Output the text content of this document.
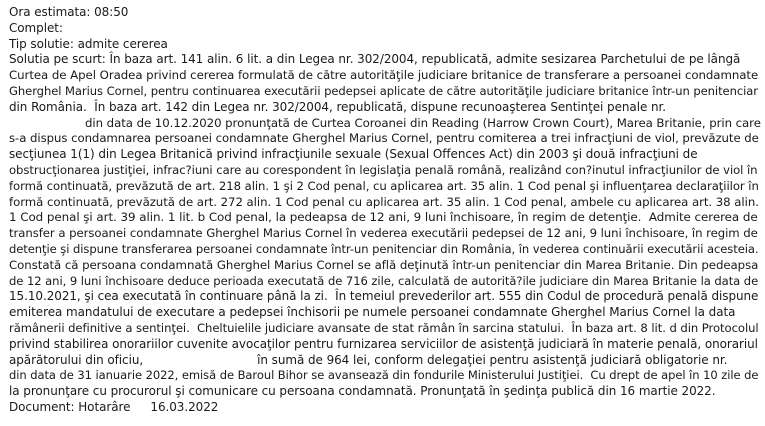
Ora estimata: 08:50
Complet:
Tip solutie: admite cererea
Solutia pe scurt: În baza art. 141 alin. 6 lit. a din Legea nr. 302/2004, republicată, admite sesizarea Parchetului de pe lângă
Curtea de Apel Oradea privind cererea formulată de către autorităţile judiciare britanice de transferare a persoanei condamnate
Gherghel Marius Cornel, pentru continuarea executării pedepsei aplicate de către autorităţile judiciare britanice într-un penitenciar
din România.  În baza art. 142 din Legea nr. 302/2004, republicată, dispune recunoaşterea Sentinţei penale nr.
din data de 10.12.2020 pronunţată de Curtea Coroanei din Reading (Harrow Crown Court), Marea Britanie, prin care
s-a dispus condamnarea persoanei condamnate Gherghel Marius Cornel, pentru comiterea a trei infracţiuni de viol, prevăzute de
secţiunea 1(1) din Legea Britanică privind infracţiunile sexuale (Sexual Offences Act) din 2003 şi două infracţiuni de
obstrucţionarea justiţiei, infrac?iuni care au corespondent în legislaţia penală română, realizând con?inutul infracţiunilor de viol în
formă continuată, prevăzută de art. 218 alin. 1 şi 2 Cod penal, cu aplicarea art. 35 alin. 1 Cod penal şi influenţarea declaraţiilor în
formă continuată, prevăzută de art. 272 alin. 1 Cod penal cu aplicarea art. 35 alin. 1 Cod penal, ambele cu aplicarea art. 38 alin.
1 Cod penal şi art. 39 alin. 1 lit. b Cod penal, la pedeapsa de 12 ani, 9 luni închisoare, în regim de detenţie.  Admite cererea de
transfer a persoanei condamnate Gherghel Marius Cornel în vederea executării pedepsei de 12 ani, 9 luni închisoare, în regim de
detenţie şi dispune transferarea persoanei condamnate într-un penitenciar din România, în vederea continuării executării acesteia.
Constată că persoana condamnată Gherghel Marius Cornel se află deţinută într-un penitenciar din Marea Britanie. Din pedeapsa
de 12 ani, 9 luni închisoare deduce perioada executată de 716 zile, calculată de autorită?ile judiciare din Marea Britanie la data de
15.10.2021, şi cea executată în continuare până la zi.  În temeiul prevederilor art. 555 din Codul de procedură penală dispune
emiterea mandatului de executare a pedepsei închisorii pe numele persoanei condamnate Gherghel Marius Cornel la data
rămânerii definitive a sentinţei.  Cheltuielile judiciare avansate de stat rămân în sarcina statului.  În baza art. 8 lit. d din Protocolul
privind stabilirea onorariilor cuvenite avocaţilor pentru furnizarea serviciilor de asistenţă judiciară în materie penală, onorariul
apărătorului din oficiu,	în sumă de 964 lei, conform delegaţiei pentru asistenţă judiciară obligatorie nr.
din data de 31 ianuarie 2022, emisă de Baroul Bihor se avansează din fondurile Ministerului Justiţiei.  Cu drept de apel în 10 zile de
la pronunţare cu procurorul şi comunicare cu persoana condamnată. Pronunţată în şedinţa publică din 16 martie 2022.
Document: Hotarâre 16.03.2022
